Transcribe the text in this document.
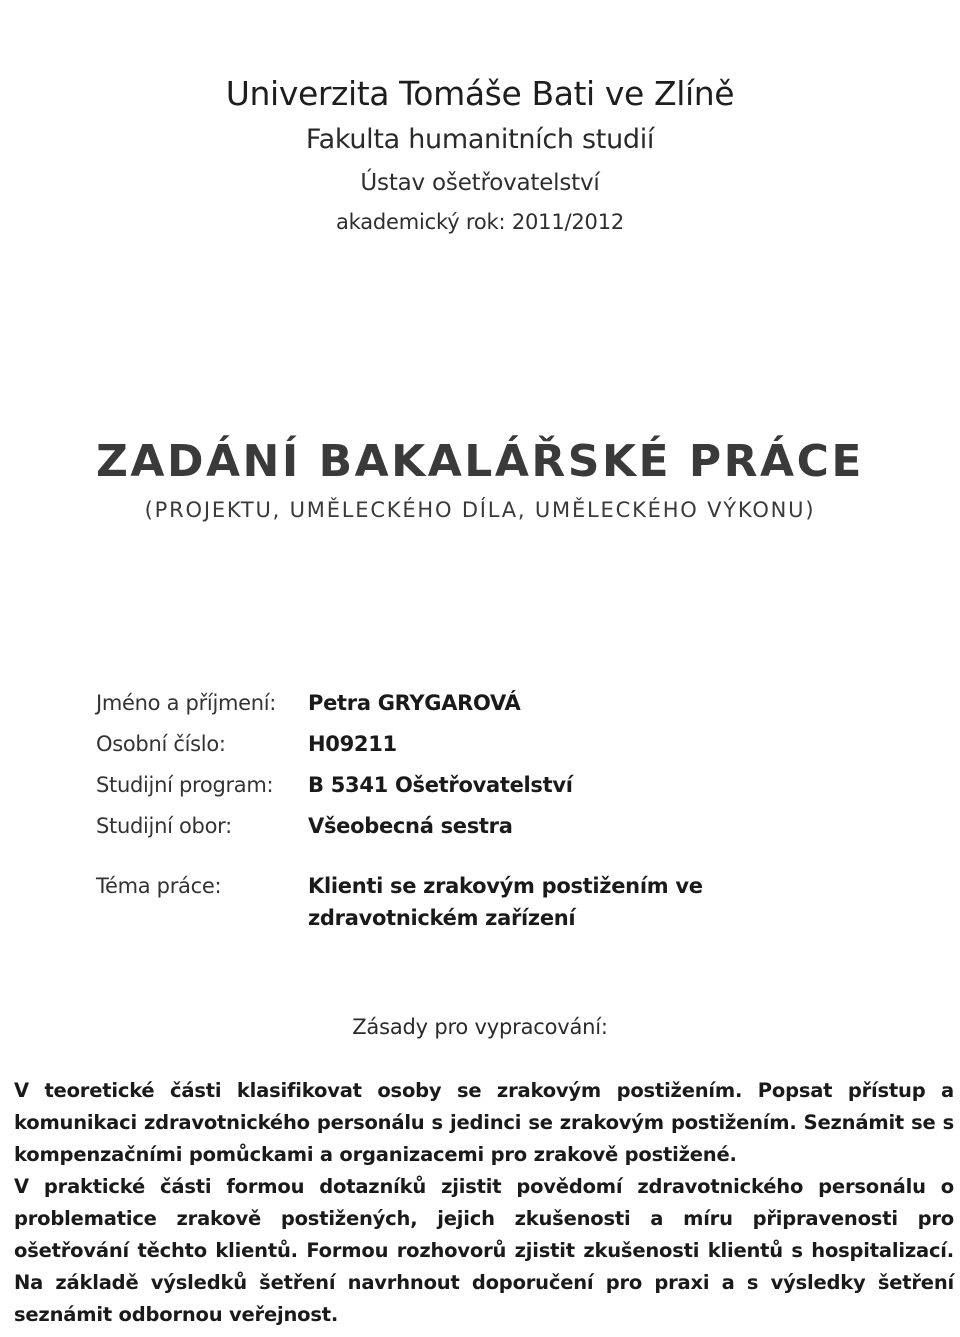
Univerzita Tomáše Bati ve Zlíně
Fakulta humanitních studií
Ústav ošetřovatelství
akademický rok: 2011/2012
ZADÁNÍ BAKALÁŘSKÉ PRÁCE
(PROJEKTU, UMĚLECKÉHO DÍLA, UMĚLECKÉHO VÝKONU)
Jméno a příjmení:	Petra GRYGAROVÁ
Osobní číslo:	H09211
Studijní program:	B 5341 Ošetřovatelství
Studijní obor:	Všeobecná sestra
Téma práce:	Klienti se zrakovým postižením ve zdravotnickém zařízení
Zásady pro vypracování:

V teoretické části klasifikovat osoby se zrakovým postižením. Popsat přístup a komunikaci zdravotnického personálu s jedinci se zrakovým postižením. Seznámit se s kompenzačními pomůckami a organizacemi pro zrakově postižené.

V praktické části formou dotazníků zjistit povědomí zdravotnického personálu o problematice zrakově postižených, jejich zkušenosti a míru připravenosti pro ošetřování těchto klientů. Formou rozhovorů zjistit zkušenosti klientů s hospitalizací. Na základě výsledků šetření navrhnout doporučení pro praxi a s výsledky šetření seznámit odbornou veřejnost.
